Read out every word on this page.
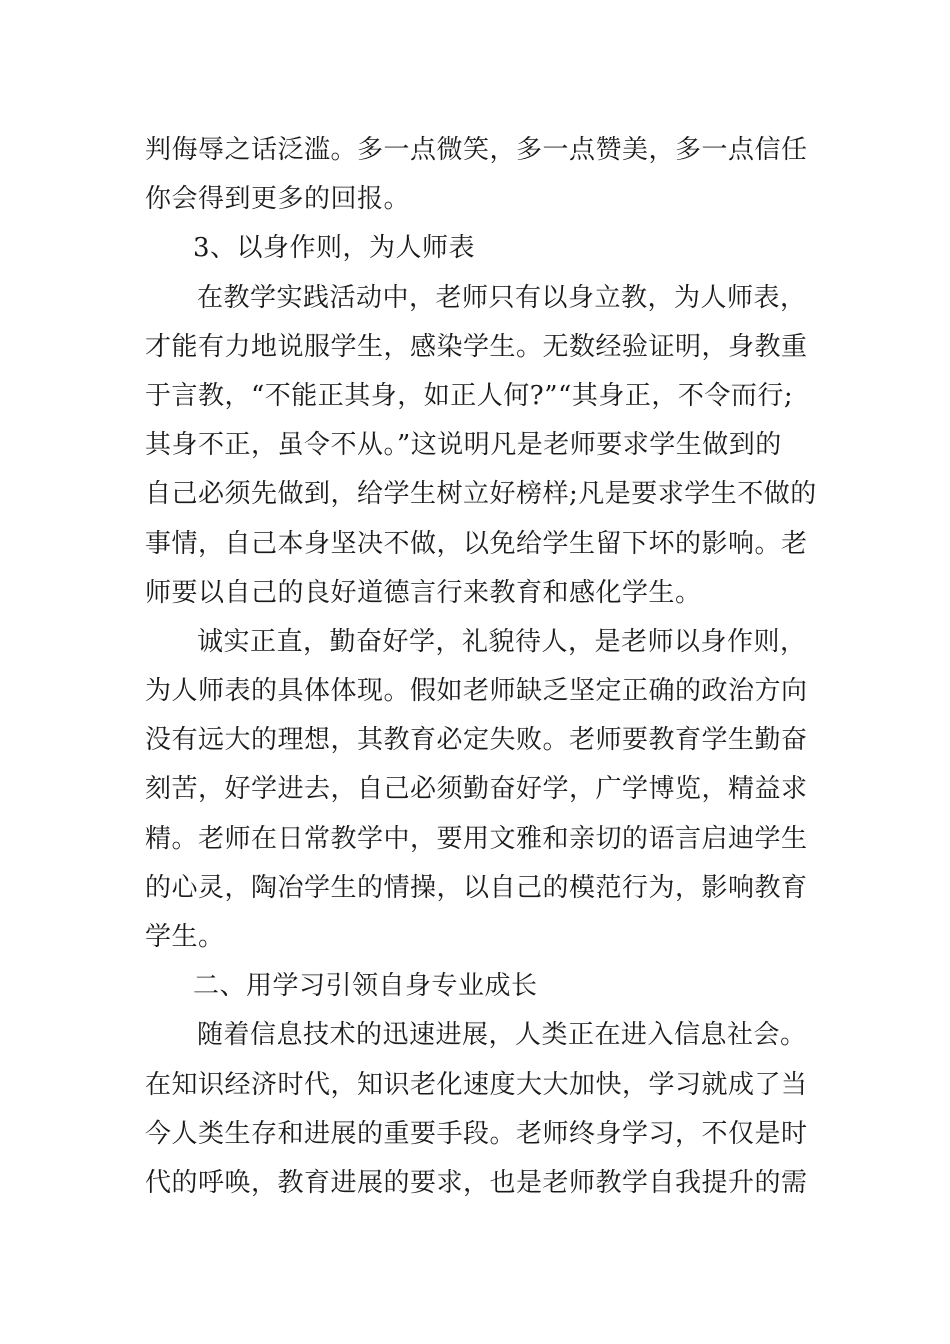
判侮辱之话泛滥。多一点微笑，多一点赞美，多一点信任
你会得到更多的回报。
3、以身作则，为人师表
在教学实践活动中，老师只有以身立教，为人师表，
才能有力地说服学生，感染学生。无数经验证明，身教重
于言教，“不能正其身，如正人何?”“其身正，不令而行;
其身不正，虽令不从。”这说明凡是老师要求学生做到的
自己必须先做到，给学生树立好榜样;凡是要求学生不做的
事情，自己本身坚决不做，以免给学生留下坏的影响。老
师要以自己的良好道德言行来教育和感化学生。
诚实正直，勤奋好学，礼貌待人，是老师以身作则，
为人师表的具体体现。假如老师缺乏坚定正确的政治方向
没有远大的理想，其教育必定失败。老师要教育学生勤奋
刻苦，好学进去，自己必须勤奋好学，广学博览，精益求
精。老师在日常教学中，要用文雅和亲切的语言启迪学生
的心灵，陶冶学生的情操，以自己的模范行为，影响教育
学生。
二、用学习引领自身专业成长
随着信息技术的迅速进展，人类正在进入信息社会。
在知识经济时代，知识老化速度大大加快，学习就成了当
今人类生存和进展的重要手段。老师终身学习，不仅是时
代的呼唤，教育进展的要求，也是老师教学自我提升的需
